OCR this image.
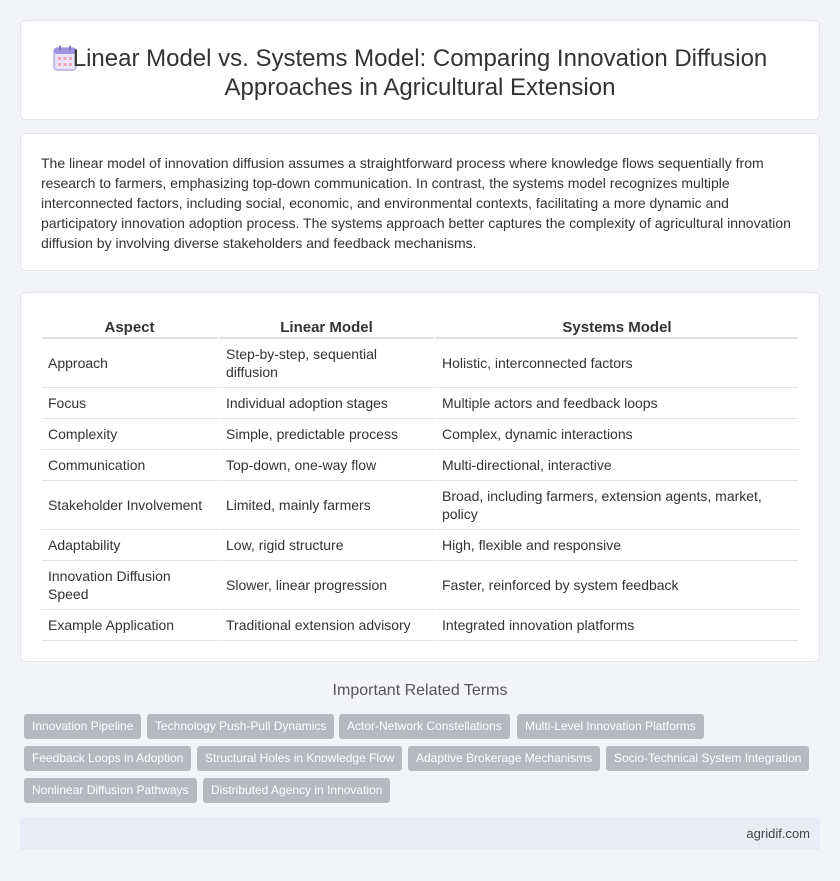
Linear Model vs. Systems Model: Comparing Innovation Diffusion
Approaches in Agricultural Extension

The linear model of innovation diffusion assumes a straightforward process where knowledge flows sequentially from research to farmers, emphasizing top-down communication. In contrast, the systems model recognizes multiple interconnected factors, including social, economic, and environmental contexts, facilitating a more dynamic and participatory innovation adoption process. The systems approach better captures the complexity of agricultural innovation diffusion by involving diverse stakeholders and feedback mechanisms.

Aspect	Linear Model	Systems Model
Approach	Step-by-step, sequential diffusion	Holistic, interconnected factors
Focus	Individual adoption stages	Multiple actors and feedback loops
Complexity	Simple, predictable process	Complex, dynamic interactions
Communication	Top-down, one-way flow	Multi-directional, interactive
Stakeholder Involvement	Limited, mainly farmers	Broad, including farmers, extension agents, market, policy
Adaptability	Low, rigid structure	High, flexible and responsive
Innovation Diffusion Speed	Slower, linear progression	Faster, reinforced by system feedback
Example Application	Traditional extension advisory	Integrated innovation platforms
Important Related Terms
Innovation Pipeline	Technology Push-Pull Dynamics	Actor-Network Constellations	Multi-Level Innovation Platforms
Feedback Loops in Adoption	Structural Holes in Knowledge Flow	Adaptive Brokerage Mechanisms	Socio-Technical System Integration
Nonlinear Diffusion Pathways	Distributed Agency in Innovation
agridif.com
